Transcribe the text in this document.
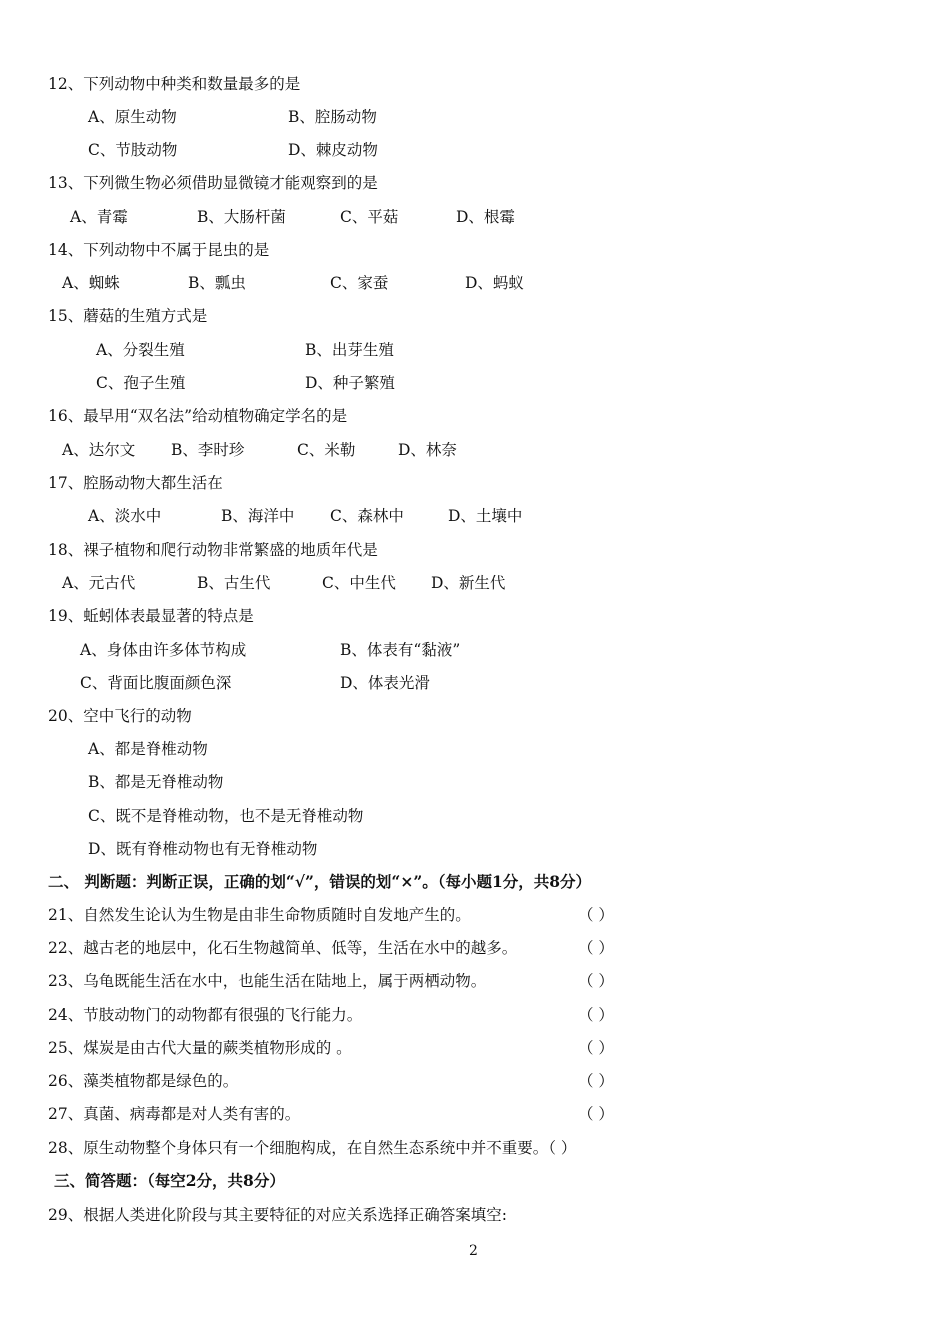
12、下列动物中种类和数量最多的是
A、原生动物	B、腔肠动物
C、节肢动物	D、棘皮动物
13、下列微生物必须借助显微镜才能观察到的是
A、青霉	B、大肠杆菌	C、平菇	D、根霉
14、下列动物中不属于昆虫的是
A、蜘蛛	B、瓢虫	C、家蚕	D、蚂蚁
15、蘑菇的生殖方式是
A、分裂生殖	B、出芽生殖
C、孢子生殖	D、种子繁殖
16、最早用“双名法”给动植物确定学名的是
A、达尔文 B、李时珍	C、米勒	D、林奈
17、腔肠动物大都生活在
A、淡水中	B、海洋中 C、森林中	D、土壤中
18、裸子植物和爬行动物非常繁盛的地质年代是
A、元古代	B、古生代	C、中生代 D、新生代
19、蚯蚓体表最显著的特点是
A、身体由许多体节构成	B、体表有“黏液”
C、背面比腹面颜色深	D、体表光滑
20、空中飞行的动物
A、都是脊椎动物
B、都是无脊椎动物
C、既不是脊椎动物，也不是无脊椎动物
D、既有脊椎动物也有无脊椎动物
二、 判断题：判断正误，正确的划“√”，错误的划“×”。（每小题1分，共8分）
21、自然发生论认为生物是由非生命物质随时自发地产生的。	（ ）
22、越古老的地层中，化石生物越简单、低等，生活在水中的越多。	（ ）
23、乌龟既能生活在水中，也能生活在陆地上，属于两栖动物。	（ ）
24、节肢动物门的动物都有很强的飞行能力。	（ ）
25、煤炭是由古代大量的蕨类植物形成的 。	（ ）
26、藻类植物都是绿色的。	（ ）
27、真菌、病毒都是对人类有害的。	（ ）
28、原生动物整个身体只有一个细胞构成，在自然生态系统中并不重要。（ ）
三、简答题：（每空2分，共8分）
29、根据人类进化阶段与其主要特征的对应关系选择正确答案填空:
2
